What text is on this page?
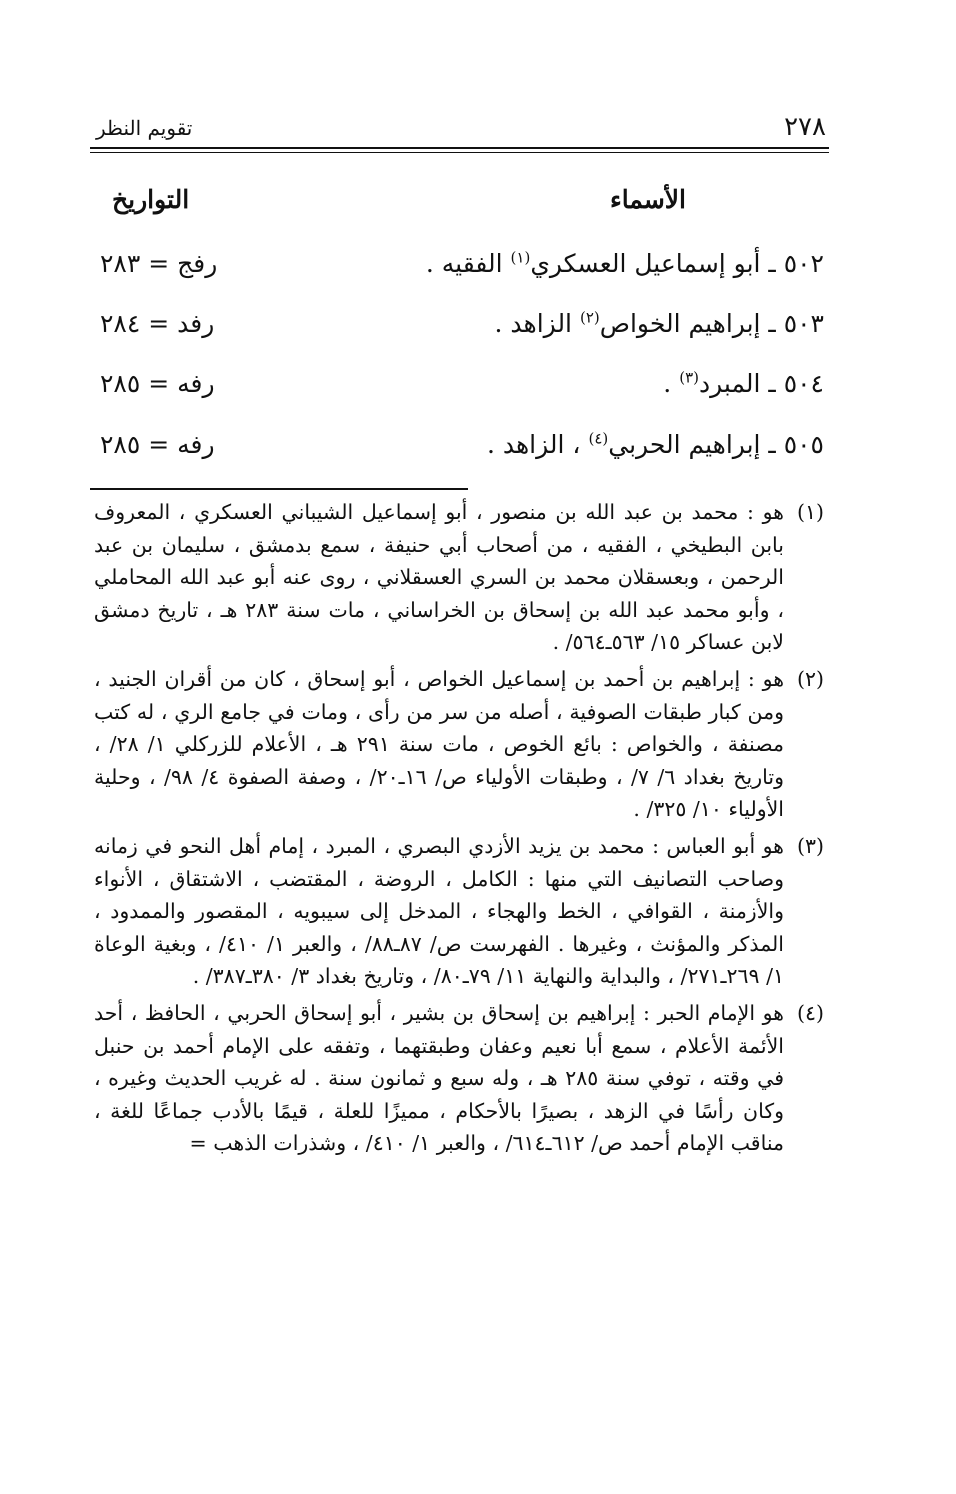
٢٧٨
تقويم النظر
الأسماء
التواريخ
٥٠٢ ـ أبو إسماعيل العسكري$^{(١)}$ الفقيه .
رفج = ٢٨٣
٥٠٣ ـ إبراهيم الخواص$^{(٢)}$ الزاهد .
رفد = ٢٨٤
٥٠٤ ـ المبرد$^{(٣)}$ .
رفه = ٢٨٥
٥٠٥ ـ إبراهيم الحربي$^{(٤)}$ ، الزاهد .
رفه = ٢٨٥
(١)
هو : محمد بن عبد الله بن منصور ، أبو إسماعيل الشيباني العسكري ، المعروف بابن البطيخي ، الفقيه ، من أصحاب أبي حنيفة ، سمع بدمشق ، سليمان بن عبد الرحمن ، وبعسقلان محمد بن السري العسقلاني ، روى عنه أبو عبد الله المحاملي ، وأبو محمد عبد الله بن إسحاق بن الخراساني ، مات سنة ٢٨٣ هـ ، تاريخ دمشق لابن عساكر ١٥/ ٥٦٣ـ٥٦٤/ .
(٢)
هو : إبراهيم بن أحمد بن إسماعيل الخواص ، أبو إسحاق ، كان من أقران الجنيد ، ومن كبار طبقات الصوفية ، أصله من سر من رأى ، ومات في جامع الري ، له كتب مصنفة ، والخواص : بائع الخوص ، مات سنة ٢٩١ هـ ، الأعلام للزركلي ١/ ٢٨/ ، وتاريخ بغداد ٦/ ٧/ ، وطبقات الأولياء ص/ ١٦ـ٢٠/ ، وصفة الصفوة ٤/ ٩٨/ ، وحلية الأولياء ١٠/ ٣٢٥/ .
(٣)
هو أبو العباس : محمد بن يزيد الأزدي البصري ، المبرد ، إمام أهل النحو في زمانه وصاحب التصانيف التي منها : الكامل ، الروضة ، المقتضب ، الاشتقاق ، الأنواء والأزمنة ، القوافي ، الخط والهجاء ، المدخل إلى سيبويه ، المقصور والممدود ، المذكر والمؤنث ، وغيرها . الفهرست ص/ ٨٧ـ٨٨/ ، والعبر ١/ ٤١٠/ ، وبغية الوعاة ١/ ٢٦٩ـ٢٧١/ ، والبداية والنهاية ١١/ ٧٩ـ٨٠/ ، وتاريخ بغداد ٣/ ٣٨٠ـ٣٨٧/ .
(٤)
هو الإمام الحبر : إبراهيم بن إسحاق بن بشير ، أبو إسحاق الحربي ، الحافظ ، أحد الأئمة الأعلام ، سمع أبا نعيم وعفان وطبقتهما ، وتفقه على الإمام أحمد بن حنبل في وقته ، توفي سنة ٢٨٥ هـ ، وله سبع و ثمانون سنة . له غريب الحديث وغيره ، وكان رأسًا في الزهد ، بصيرًا بالأحكام ، مميزًا للعلة ، قيمًا بالأدب جماعًا للغة ، مناقب الإمام أحمد ص/ ٦١٢ـ٦١٤/ ، والعبر ١/ ٤١٠/ ، وشذرات الذهب =
